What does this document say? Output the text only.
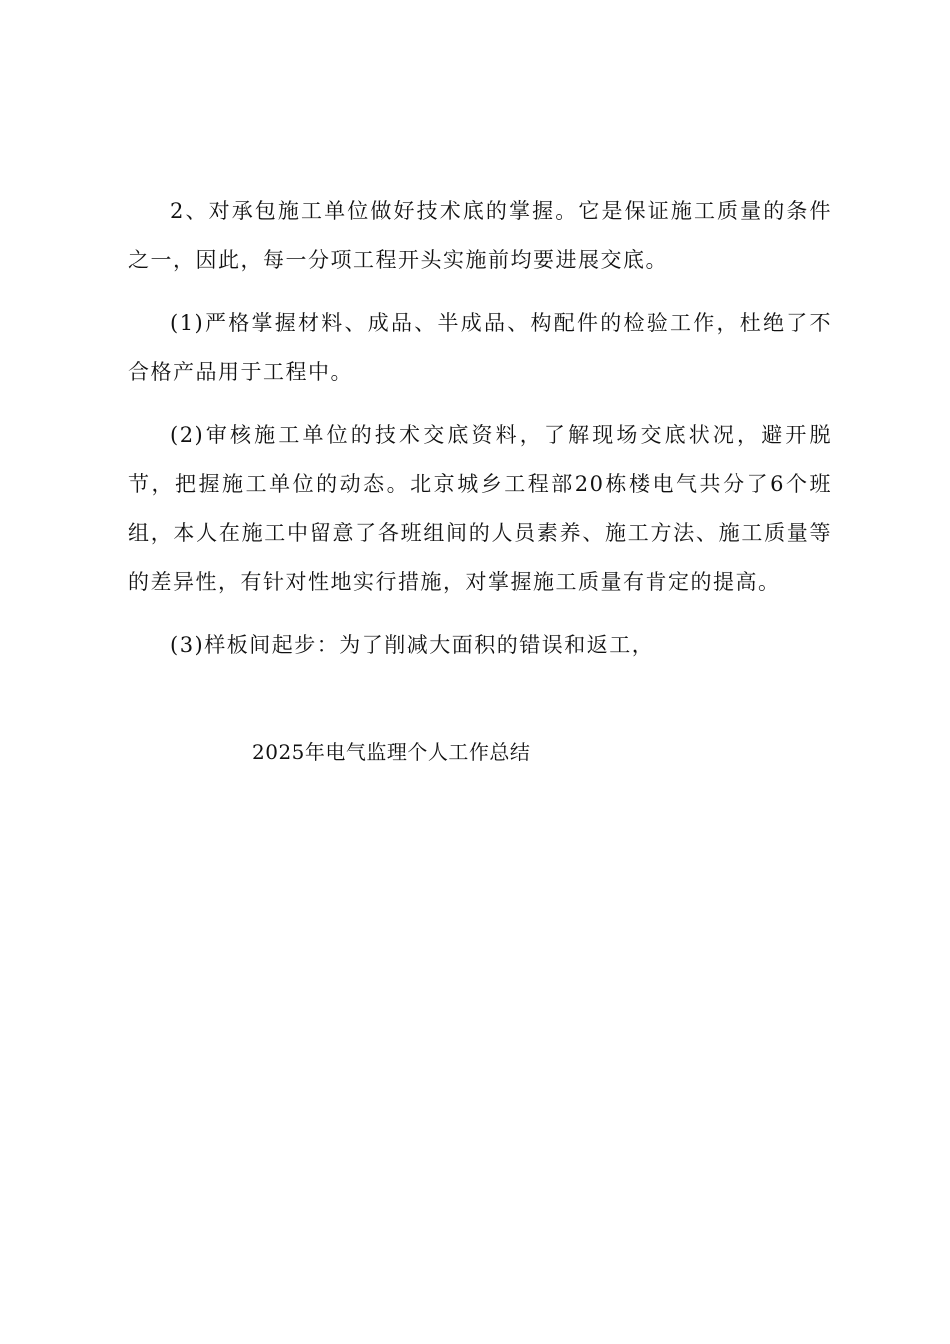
2、对承包施工单位做好技术底的掌握。它是保证施工质量的条件之一，因此，每一分项工程开头实施前均要进展交底。

(1)严格掌握材料、成品、半成品、构配件的检验工作，杜绝了不合格产品用于工程中。

(2)审核施工单位的技术交底资料，了解现场交底状况，避开脱节，把握施工单位的动态。北京城乡工程部20栋楼电气共分了6个班组，本人在施工中留意了各班组间的人员素养、施工方法、施工质量等的差异性，有针对性地实行措施，对掌握施工质量有肯定的提高。

(3)样板间起步：为了削减大面积的错误和返工，

2025年电气监理个人工作总结
